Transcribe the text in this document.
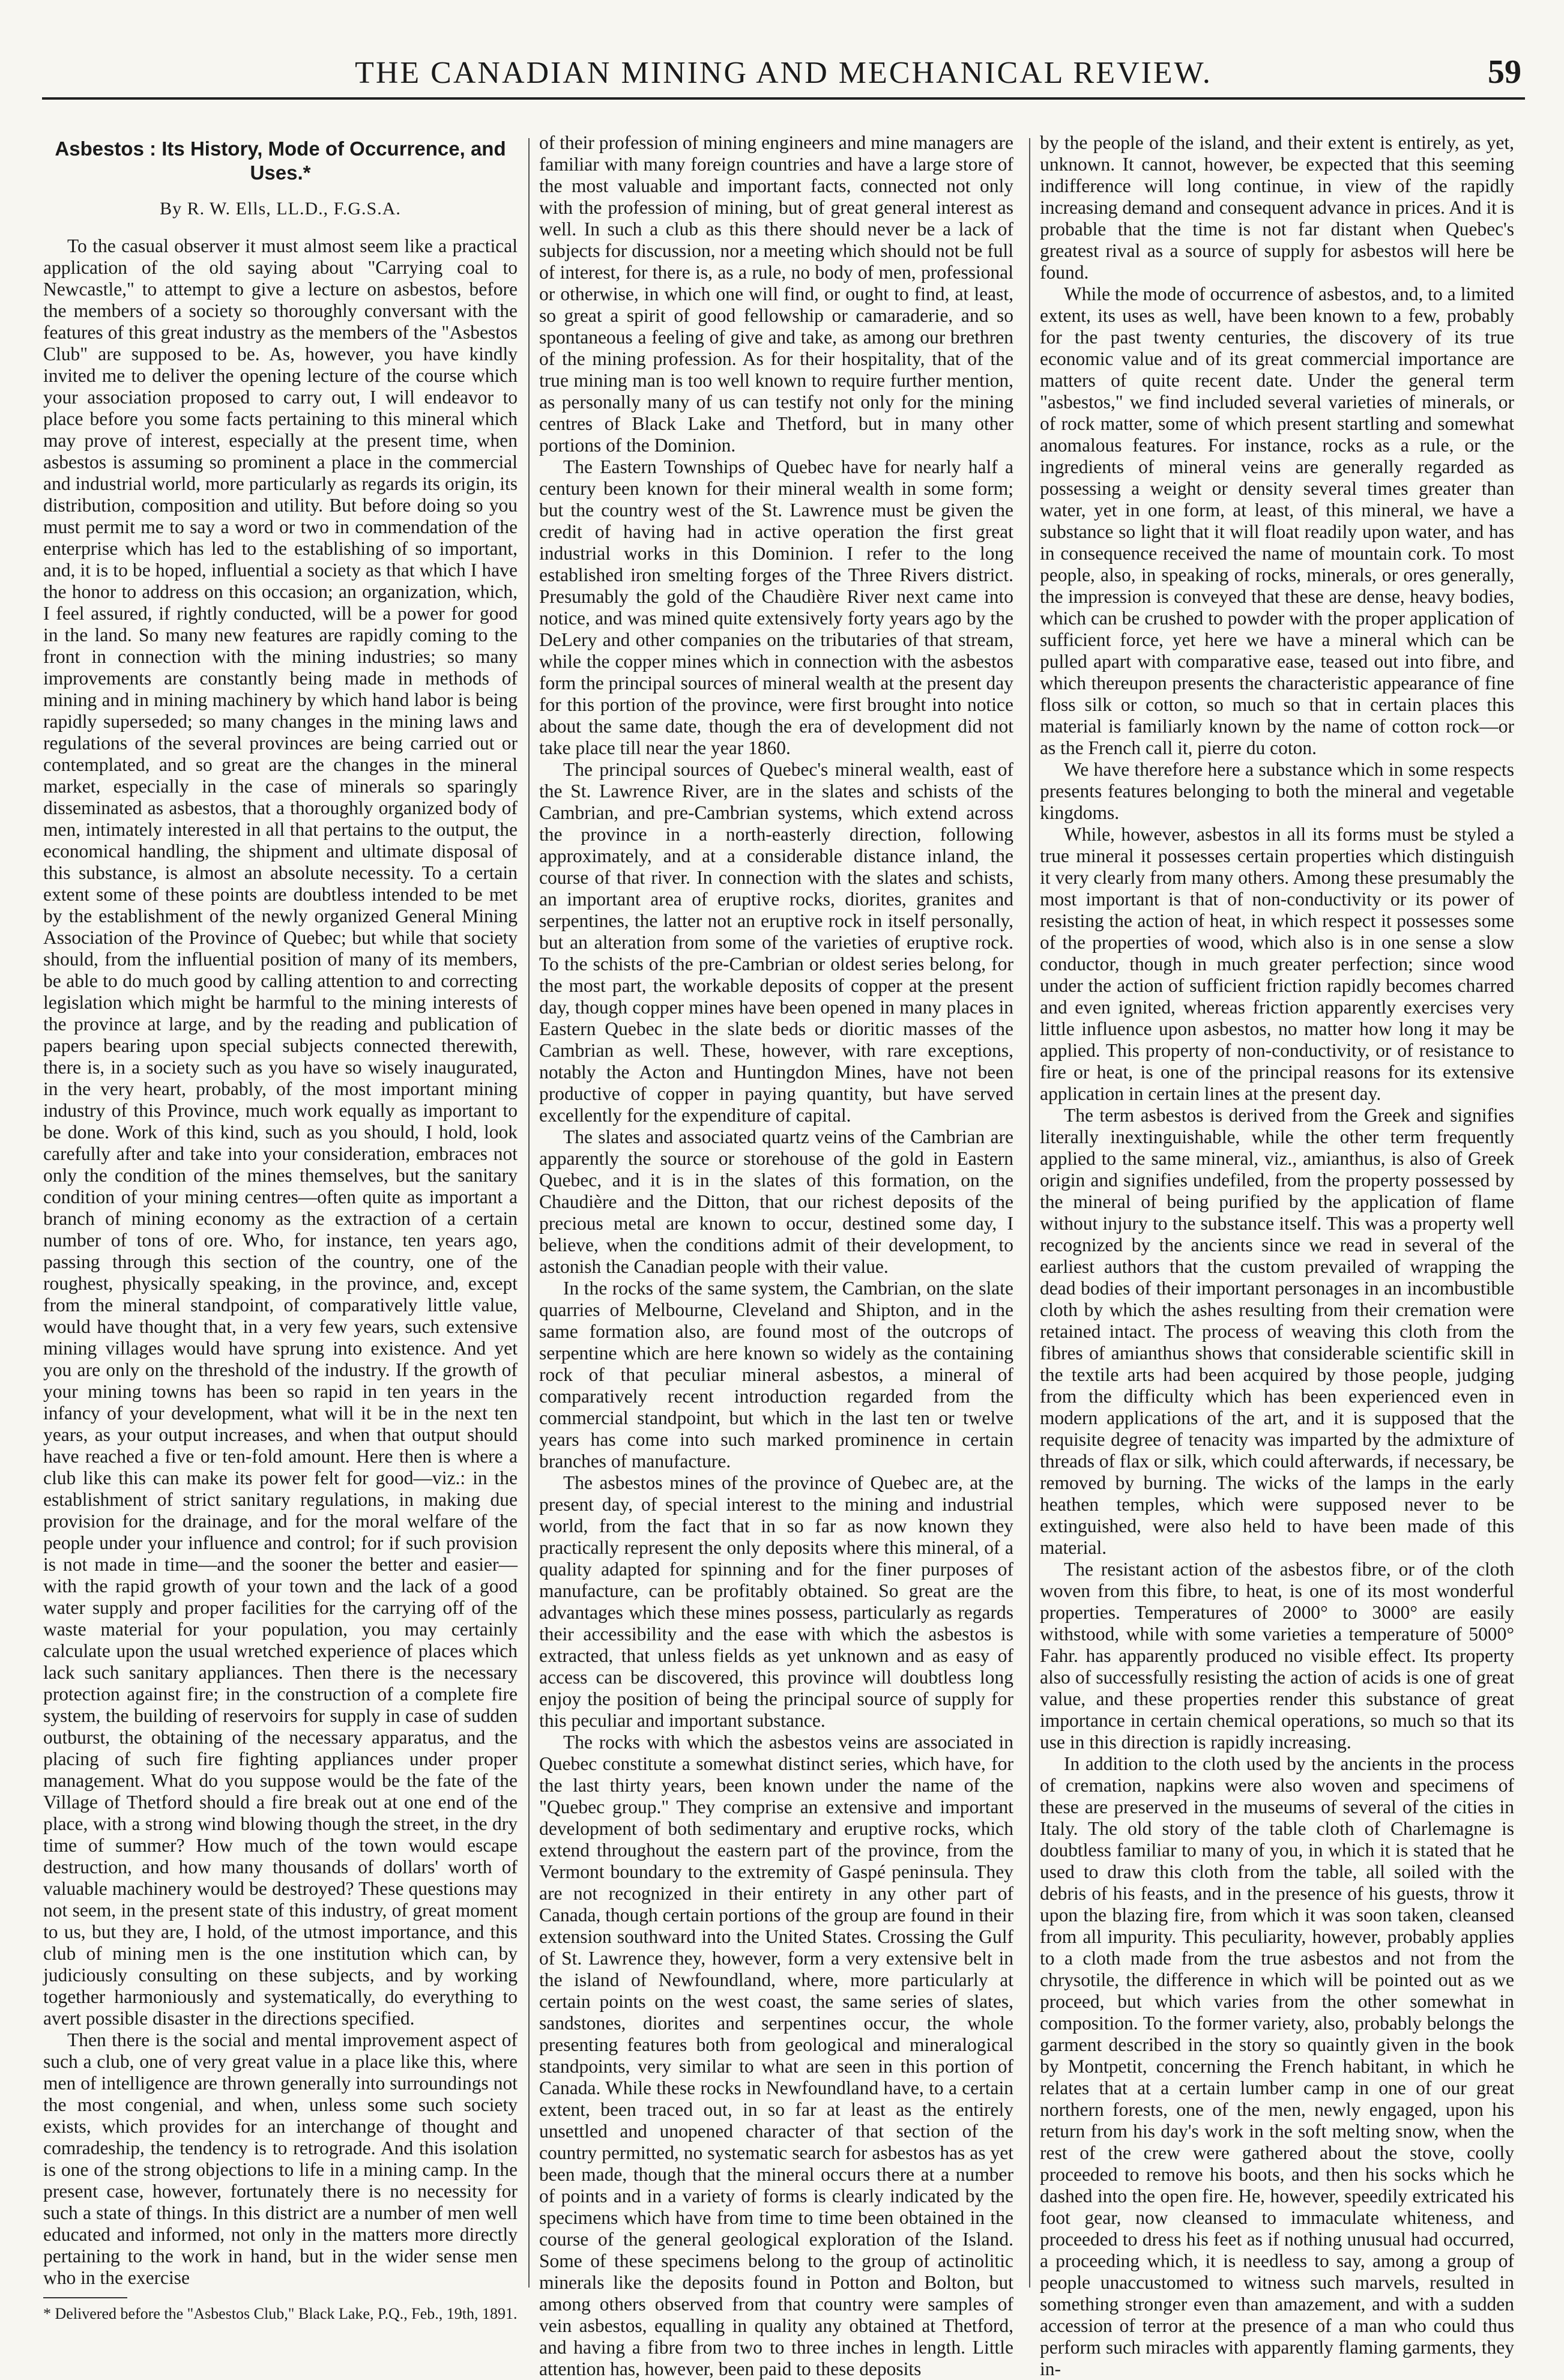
THE CANADIAN MINING AND MECHANICAL REVIEW.	59
Asbestos : Its History, Mode of Occurrence, and Uses.*
By R. W. Ells, LL.D., F.G.S.A.

To the casual observer it must almost seem like a practical application of the old saying about "Carrying coal to Newcastle," to attempt to give a lecture on asbestos, before the members of a society so thoroughly conversant with the features of this great industry as the members of the "Asbestos Club" are supposed to be. As, however, you have kindly invited me to deliver the opening lecture of the course which your association proposed to carry out, I will endeavor to place before you some facts pertaining to this mineral which may prove of interest, especially at the present time, when asbestos is assuming so prominent a place in the commercial and industrial world, more particularly as regards its origin, its distribution, composition and utility. But before doing so you must permit me to say a word or two in commendation of the enterprise which has led to the establishing of so important, and, it is to be hoped, influential a society as that which I have the honor to address on this occasion; an organization, which, I feel assured, if rightly conducted, will be a power for good in the land. So many new features are rapidly coming to the front in connection with the mining industries; so many improvements are constantly being made in methods of mining and in mining machinery by which hand labor is being rapidly superseded; so many changes in the mining laws and regulations of the several provinces are being carried out or contemplated, and so great are the changes in the mineral market, especially in the case of minerals so sparingly disseminated as asbestos, that a thoroughly organized body of men, intimately interested in all that pertains to the output, the economical handling, the shipment and ultimate disposal of this substance, is almost an absolute necessity. To a certain extent some of these points are doubtless intended to be met by the establishment of the newly organized General Mining Association of the Province of Quebec; but while that society should, from the influential position of many of its members, be able to do much good by calling attention to and correcting legislation which might be harmful to the mining interests of the province at large, and by the reading and publication of papers bearing upon special subjects connected therewith, there is, in a society such as you have so wisely inaugurated, in the very heart, probably, of the most important mining industry of this Province, much work equally as important to be done. Work of this kind, such as you should, I hold, look carefully after and take into your consideration, embraces not only the condition of the mines themselves, but the sanitary condition of your mining centres—often quite as important a branch of mining economy as the extraction of a certain number of tons of ore. Who, for instance, ten years ago, passing through this section of the country, one of the roughest, physically speaking, in the province, and, except from the mineral standpoint, of comparatively little value, would have thought that, in a very few years, such extensive mining villages would have sprung into existence. And yet you are only on the threshold of the industry. If the growth of your mining towns has been so rapid in ten years in the infancy of your development, what will it be in the next ten years, as your output increases, and when that output should have reached a five or ten-fold amount. Here then is where a club like this can make its power felt for good—viz.: in the establishment of strict sanitary regulations, in making due provision for the drainage, and for the moral welfare of the people under your influence and control; for if such provision is not made in time—and the sooner the better and easier—with the rapid growth of your town and the lack of a good water supply and proper facilities for the carrying off of the waste material for your population, you may certainly calculate upon the usual wretched experience of places which lack such sanitary appliances. Then there is the necessary protection against fire; in the construction of a complete fire system, the building of reservoirs for supply in case of sudden outburst, the obtaining of the necessary apparatus, and the placing of such fire fighting appliances under proper management. What do you suppose would be the fate of the Village of Thetford should a fire break out at one end of the place, with a strong wind blowing though the street, in the dry time of summer? How much of the town would escape destruction, and how many thousands of dollars' worth of valuable machinery would be destroyed? These questions may not seem, in the present state of this industry, of great moment to us, but they are, I hold, of the utmost importance, and this club of mining men is the one institution which can, by judiciously consulting on these subjects, and by working together harmoniously and systematically, do everything to avert possible disaster in the directions specified.

Then there is the social and mental improvement aspect of such a club, one of very great value in a place like this, where men of intelligence are thrown generally into surroundings not the most congenial, and when, unless some such society exists, which provides for an interchange of thought and comradeship, the tendency is to retrograde. And this isolation is one of the strong objections to life in a mining camp. In the present case, however, fortunately there is no necessity for such a state of things. In this district are a number of men well educated and informed, not only in the matters more directly pertaining to the work in hand, but in the wider sense men who in the exercise

* Delivered before the "Asbestos Club," Black Lake, P.Q., Feb., 19th, 1891.

of their profession of mining engineers and mine managers are familiar with many foreign countries and have a large store of the most valuable and important facts, connected not only with the profession of mining, but of great general interest as well. In such a club as this there should never be a lack of subjects for discussion, nor a meeting which should not be full of interest, for there is, as a rule, no body of men, professional or otherwise, in which one will find, or ought to find, at least, so great a spirit of good fellowship or camaraderie, and so spontaneous a feeling of give and take, as among our brethren of the mining profession. As for their hospitality, that of the true mining man is too well known to require further mention, as personally many of us can testify not only for the mining centres of Black Lake and Thetford, but in many other portions of the Dominion.

The Eastern Townships of Quebec have for nearly half a century been known for their mineral wealth in some form; but the country west of the St. Lawrence must be given the credit of having had in active operation the first great industrial works in this Dominion. I refer to the long established iron smelting forges of the Three Rivers district. Presumably the gold of the Chaudière River next came into notice, and was mined quite extensively forty years ago by the DeLery and other companies on the tributaries of that stream, while the copper mines which in connection with the asbestos form the principal sources of mineral wealth at the present day for this portion of the province, were first brought into notice about the same date, though the era of development did not take place till near the year 1860.

The principal sources of Quebec's mineral wealth, east of the St. Lawrence River, are in the slates and schists of the Cambrian, and pre-Cambrian systems, which extend across the province in a north-easterly direction, following approximately, and at a considerable distance inland, the course of that river. In connection with the slates and schists, an important area of eruptive rocks, diorites, granites and serpentines, the latter not an eruptive rock in itself personally, but an alteration from some of the varieties of eruptive rock. To the schists of the pre-Cambrian or oldest series belong, for the most part, the workable deposits of copper at the present day, though copper mines have been opened in many places in Eastern Quebec in the slate beds or dioritic masses of the Cambrian as well. These, however, with rare exceptions, notably the Acton and Huntingdon Mines, have not been productive of copper in paying quantity, but have served excellently for the expenditure of capital.

The slates and associated quartz veins of the Cambrian are apparently the source or storehouse of the gold in Eastern Quebec, and it is in the slates of this formation, on the Chaudière and the Ditton, that our richest deposits of the precious metal are known to occur, destined some day, I believe, when the conditions admit of their development, to astonish the Canadian people with their value.

In the rocks of the same system, the Cambrian, on the slate quarries of Melbourne, Cleveland and Shipton, and in the same formation also, are found most of the outcrops of serpentine which are here known so widely as the containing rock of that peculiar mineral asbestos, a mineral of comparatively recent introduction regarded from the commercial standpoint, but which in the last ten or twelve years has come into such marked prominence in certain branches of manufacture.

The asbestos mines of the province of Quebec are, at the present day, of special interest to the mining and industrial world, from the fact that in so far as now known they practically represent the only deposits where this mineral, of a quality adapted for spinning and for the finer purposes of manufacture, can be profitably obtained. So great are the advantages which these mines possess, particularly as regards their accessibility and the ease with which the asbestos is extracted, that unless fields as yet unknown and as easy of access can be discovered, this province will doubtless long enjoy the position of being the principal source of supply for this peculiar and important substance.

The rocks with which the asbestos veins are associated in Quebec constitute a somewhat distinct series, which have, for the last thirty years, been known under the name of the "Quebec group." They comprise an extensive and important development of both sedimentary and eruptive rocks, which extend throughout the eastern part of the province, from the Vermont boundary to the extremity of Gaspé peninsula. They are not recognized in their entirety in any other part of Canada, though certain portions of the group are found in their extension southward into the United States. Crossing the Gulf of St. Lawrence they, however, form a very extensive belt in the island of Newfoundland, where, more particularly at certain points on the west coast, the same series of slates, sandstones, diorites and serpentines occur, the whole presenting features both from geological and mineralogical standpoints, very similar to what are seen in this portion of Canada. While these rocks in Newfoundland have, to a certain extent, been traced out, in so far at least as the entirely unsettled and unopened character of that section of the country permitted, no systematic search for asbestos has as yet been made, though that the mineral occurs there at a number of points and in a variety of forms is clearly indicated by the specimens which have from time to time been obtained in the course of the general geological exploration of the Island. Some of these specimens belong to the group of actinolitic minerals like the deposits found in Potton and Bolton, but among others observed from that country were samples of vein asbestos, equalling in quality any obtained at Thetford, and having a fibre from two to three inches in length. Little attention has, however, been paid to these deposits

by the people of the island, and their extent is entirely, as yet, unknown. It cannot, however, be expected that this seeming indifference will long continue, in view of the rapidly increasing demand and consequent advance in prices. And it is probable that the time is not far distant when Quebec's greatest rival as a source of supply for asbestos will here be found.

While the mode of occurrence of asbestos, and, to a limited extent, its uses as well, have been known to a few, probably for the past twenty centuries, the discovery of its true economic value and of its great commercial importance are matters of quite recent date. Under the general term "asbestos," we find included several varieties of minerals, or of rock matter, some of which present startling and somewhat anomalous features. For instance, rocks as a rule, or the ingredients of mineral veins are generally regarded as possessing a weight or density several times greater than water, yet in one form, at least, of this mineral, we have a substance so light that it will float readily upon water, and has in consequence received the name of mountain cork. To most people, also, in speaking of rocks, minerals, or ores generally, the impression is conveyed that these are dense, heavy bodies, which can be crushed to powder with the proper application of sufficient force, yet here we have a mineral which can be pulled apart with comparative ease, teased out into fibre, and which thereupon presents the characteristic appearance of fine floss silk or cotton, so much so that in certain places this material is familiarly known by the name of cotton rock—or as the French call it, pierre du coton.

We have therefore here a substance which in some respects presents features belonging to both the mineral and vegetable kingdoms.

While, however, asbestos in all its forms must be styled a true mineral it possesses certain properties which distinguish it very clearly from many others. Among these presumably the most important is that of non-conductivity or its power of resisting the action of heat, in which respect it possesses some of the properties of wood, which also is in one sense a slow conductor, though in much greater perfection; since wood under the action of sufficient friction rapidly becomes charred and even ignited, whereas friction apparently exercises very little influence upon asbestos, no matter how long it may be applied. This property of non-conductivity, or of resistance to fire or heat, is one of the principal reasons for its extensive application in certain lines at the present day.

The term asbestos is derived from the Greek and signifies literally inextinguishable, while the other term frequently applied to the same mineral, viz., amianthus, is also of Greek origin and signifies undefiled, from the property possessed by the mineral of being purified by the application of flame without injury to the substance itself. This was a property well recognized by the ancients since we read in several of the earliest authors that the custom prevailed of wrapping the dead bodies of their important personages in an incombustible cloth by which the ashes resulting from their cremation were retained intact. The process of weaving this cloth from the fibres of amianthus shows that considerable scientific skill in the textile arts had been acquired by those people, judging from the difficulty which has been experienced even in modern applications of the art, and it is supposed that the requisite degree of tenacity was imparted by the admixture of threads of flax or silk, which could afterwards, if necessary, be removed by burning. The wicks of the lamps in the early heathen temples, which were supposed never to be extinguished, were also held to have been made of this material.

The resistant action of the asbestos fibre, or of the cloth woven from this fibre, to heat, is one of its most wonderful properties. Temperatures of 2000° to 3000° are easily withstood, while with some varieties a temperature of 5000° Fahr. has apparently produced no visible effect. Its property also of successfully resisting the action of acids is one of great value, and these properties render this substance of great importance in certain chemical operations, so much so that its use in this direction is rapidly increasing.

In addition to the cloth used by the ancients in the process of cremation, napkins were also woven and specimens of these are preserved in the museums of several of the cities in Italy. The old story of the table cloth of Charlemagne is doubtless familiar to many of you, in which it is stated that he used to draw this cloth from the table, all soiled with the debris of his feasts, and in the presence of his guests, throw it upon the blazing fire, from which it was soon taken, cleansed from all impurity. This peculiarity, however, probably applies to a cloth made from the true asbestos and not from the chrysotile, the difference in which will be pointed out as we proceed, but which varies from the other somewhat in composition. To the former variety, also, probably belongs the garment described in the story so quaintly given in the book by Montpetit, concerning the French habitant, in which he relates that at a certain lumber camp in one of our great northern forests, one of the men, newly engaged, upon his return from his day's work in the soft melting snow, when the rest of the crew were gathered about the stove, coolly proceeded to remove his boots, and then his socks which he dashed into the open fire. He, however, speedily extricated his foot gear, now cleansed to immaculate whiteness, and proceeded to dress his feet as if nothing unusual had occurred, a proceeding which, it is needless to say, among a group of people unaccustomed to witness such marvels, resulted in something stronger even than amazement, and with a sudden accession of terror at the presence of a man who could thus perform such miracles with apparently flaming garments, they in-
